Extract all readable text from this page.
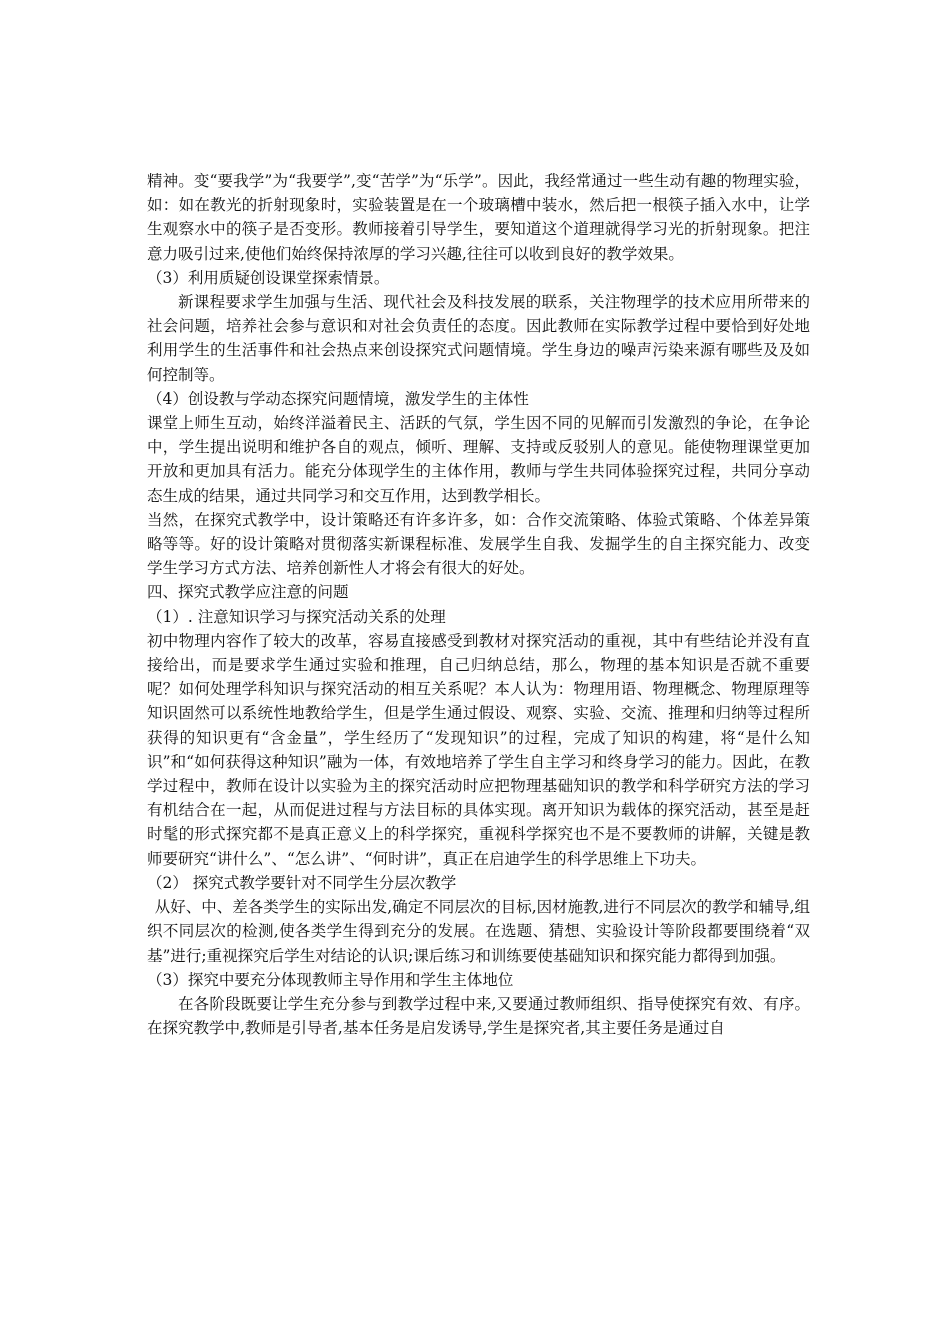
精神。变“要我学”为“我要学”,变“苦学”为“乐学”。因此，我经常通过一些生动有趣的物理实验，如：如在教光的折射现象时，实验装置是在一个玻璃槽中装水，然后把一根筷子插入水中，让学生观察水中的筷子是否变形。教师接着引导学生，要知道这个道理就得学习光的折射现象。把注意力吸引过来,使他们始终保持浓厚的学习兴趣,往往可以收到良好的教学效果。

（3）利用质疑创设课堂探索情景。

新课程要求学生加强与生活、现代社会及科技发展的联系，关注物理学的技术应用所带来的社会问题，培养社会参与意识和对社会负责任的态度。因此教师在实际教学过程中要恰到好处地利用学生的生活事件和社会热点来创设探究式问题情境。学生身边的噪声污染来源有哪些及及如何控制等。

（4）创设教与学动态探究问题情境，激发学生的主体性

课堂上师生互动，始终洋溢着民主、活跃的气氛，学生因不同的见解而引发激烈的争论，在争论中，学生提出说明和维护各自的观点，倾听、理解、支持或反驳别人的意见。能使物理课堂更加开放和更加具有活力。能充分体现学生的主体作用，教师与学生共同体验探究过程，共同分享动态生成的结果，通过共同学习和交互作用，达到教学相长。

当然，在探究式教学中，设计策略还有许多许多，如：合作交流策略、体验式策略、个体差异策略等等。好的设计策略对贯彻落实新课程标准、发展学生自我、发掘学生的自主探究能力、改变学生学习方式方法、培养创新性人才将会有很大的好处。

四、探究式教学应注意的问题

（1）. 注意知识学习与探究活动关系的处理

初中物理内容作了较大的改革，容易直接感受到教材对探究活动的重视，其中有些结论并没有直接给出，而是要求学生通过实验和推理，自己归纳总结，那么，物理的基本知识是否就不重要呢？如何处理学科知识与探究活动的相互关系呢？本人认为：物理用语、物理概念、物理原理等知识固然可以系统性地教给学生，但是学生通过假设、观察、实验、交流、推理和归纳等过程所获得的知识更有“含金量”，学生经历了“发现知识”的过程，完成了知识的构建，将“是什么知识”和“如何获得这种知识”融为一体，有效地培养了学生自主学习和终身学习的能力。因此，在教学过程中，教师在设计以实验为主的探究活动时应把物理基础知识的教学和科学研究方法的学习有机结合在一起，从而促进过程与方法目标的具体实现。离开知识为载体的探究活动，甚至是赶时髦的形式探究都不是真正意义上的科学探究，重视科学探究也不是不要教师的讲解，关键是教师要研究“讲什么”、“怎么讲”、“何时讲”，真正在启迪学生的科学思维上下功夫。

（2） 探究式教学要针对不同学生分层次教学

从好、中、差各类学生的实际出发,确定不同层次的目标,因材施教,进行不同层次的教学和辅导,组织不同层次的检测,使各类学生得到充分的发展。在选题、猜想、实验设计等阶段都要围绕着“双基”进行;重视探究后学生对结论的认识;课后练习和训练要使基础知识和探究能力都得到加强。

（3）探究中要充分体现教师主导作用和学生主体地位

在各阶段既要让学生充分参与到教学过程中来,又要通过教师组织、指导使探究有效、有序。在探究教学中,教师是引导者,基本任务是启发诱导,学生是探究者,其主要任务是通过自
